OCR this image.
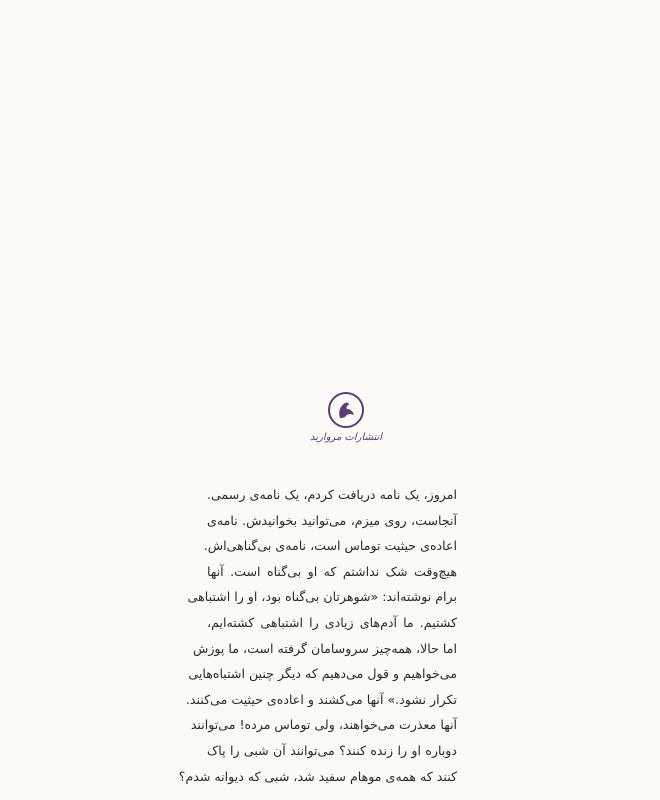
انتشارات مروارید
امروز، یک نامه دریافت کردم، یک نامه‌ی رسمی.
آنجاست، روی میزم، می‌توانید بخوانیدش. نامه‌ی
اعاده‌ی حیثیت توماس است، نامه‌ی بی‌گناهی‌اش.
هیچ‌وقت شک نداشتم که او بی‌گناه است. آنها
برام نوشته‌اند: «شوهرتان بی‌گناه بود، او را اشتباهی
کشتیم. ما آدم‌های زیادی را اشتباهی کشته‌ایم،
اما حالا، همه‌چیز سروسامان گرفته است، ما پوزش
می‌خواهیم و قول می‌دهیم که دیگر چنین اشتباه‌هایی
تکرار نشود.» آنها می‌کشند و اعاده‌ی حیثیت می‌کنند.
آنها معذرت می‌خواهند، ولی توماس مرده! می‌توانند
دوباره او را زنده کنند؟ می‌توانند آن شبی را پاک
کنند که همه‌ی موهام سفید شد، شبی که دیوانه شدم؟
